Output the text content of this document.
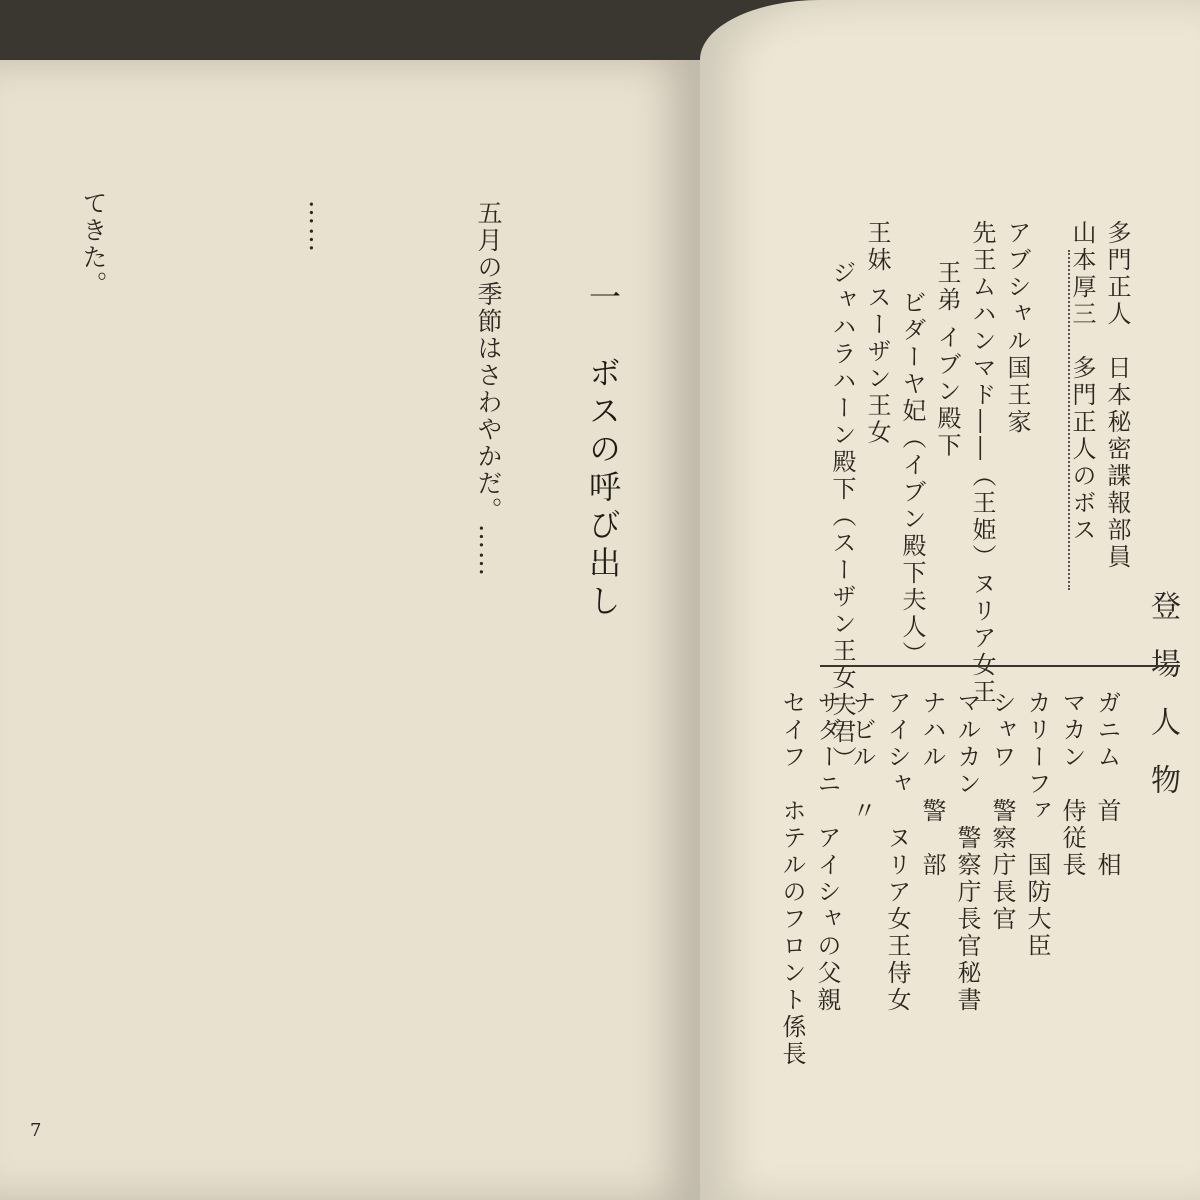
一　ボスの呼び出し
五月の季節はさわやかだ。……
……
てきた。
7
登場人物
多門正人　日本秘密諜報部員
山本厚三　多門正人のボス
アブシャル国王家
先王ムハンマド――（王姫）ヌリア女王
王弟 イブン殿下
ビダーヤ妃（イブン殿下夫人）
王妹 スーザン王女
ジャハラハーン殿下（スーザン王女夫君）
ガニム　首　相
マカン　侍従長
カリーファ　国防大臣
シャワ　警察庁長官
マルカン　警察庁長官秘書
ナハル　警　部
アイシャ　ヌリア女王侍女
ナビル　〃
サダーニ　アイシャの父親
セイフ　ホテルのフロント係長
